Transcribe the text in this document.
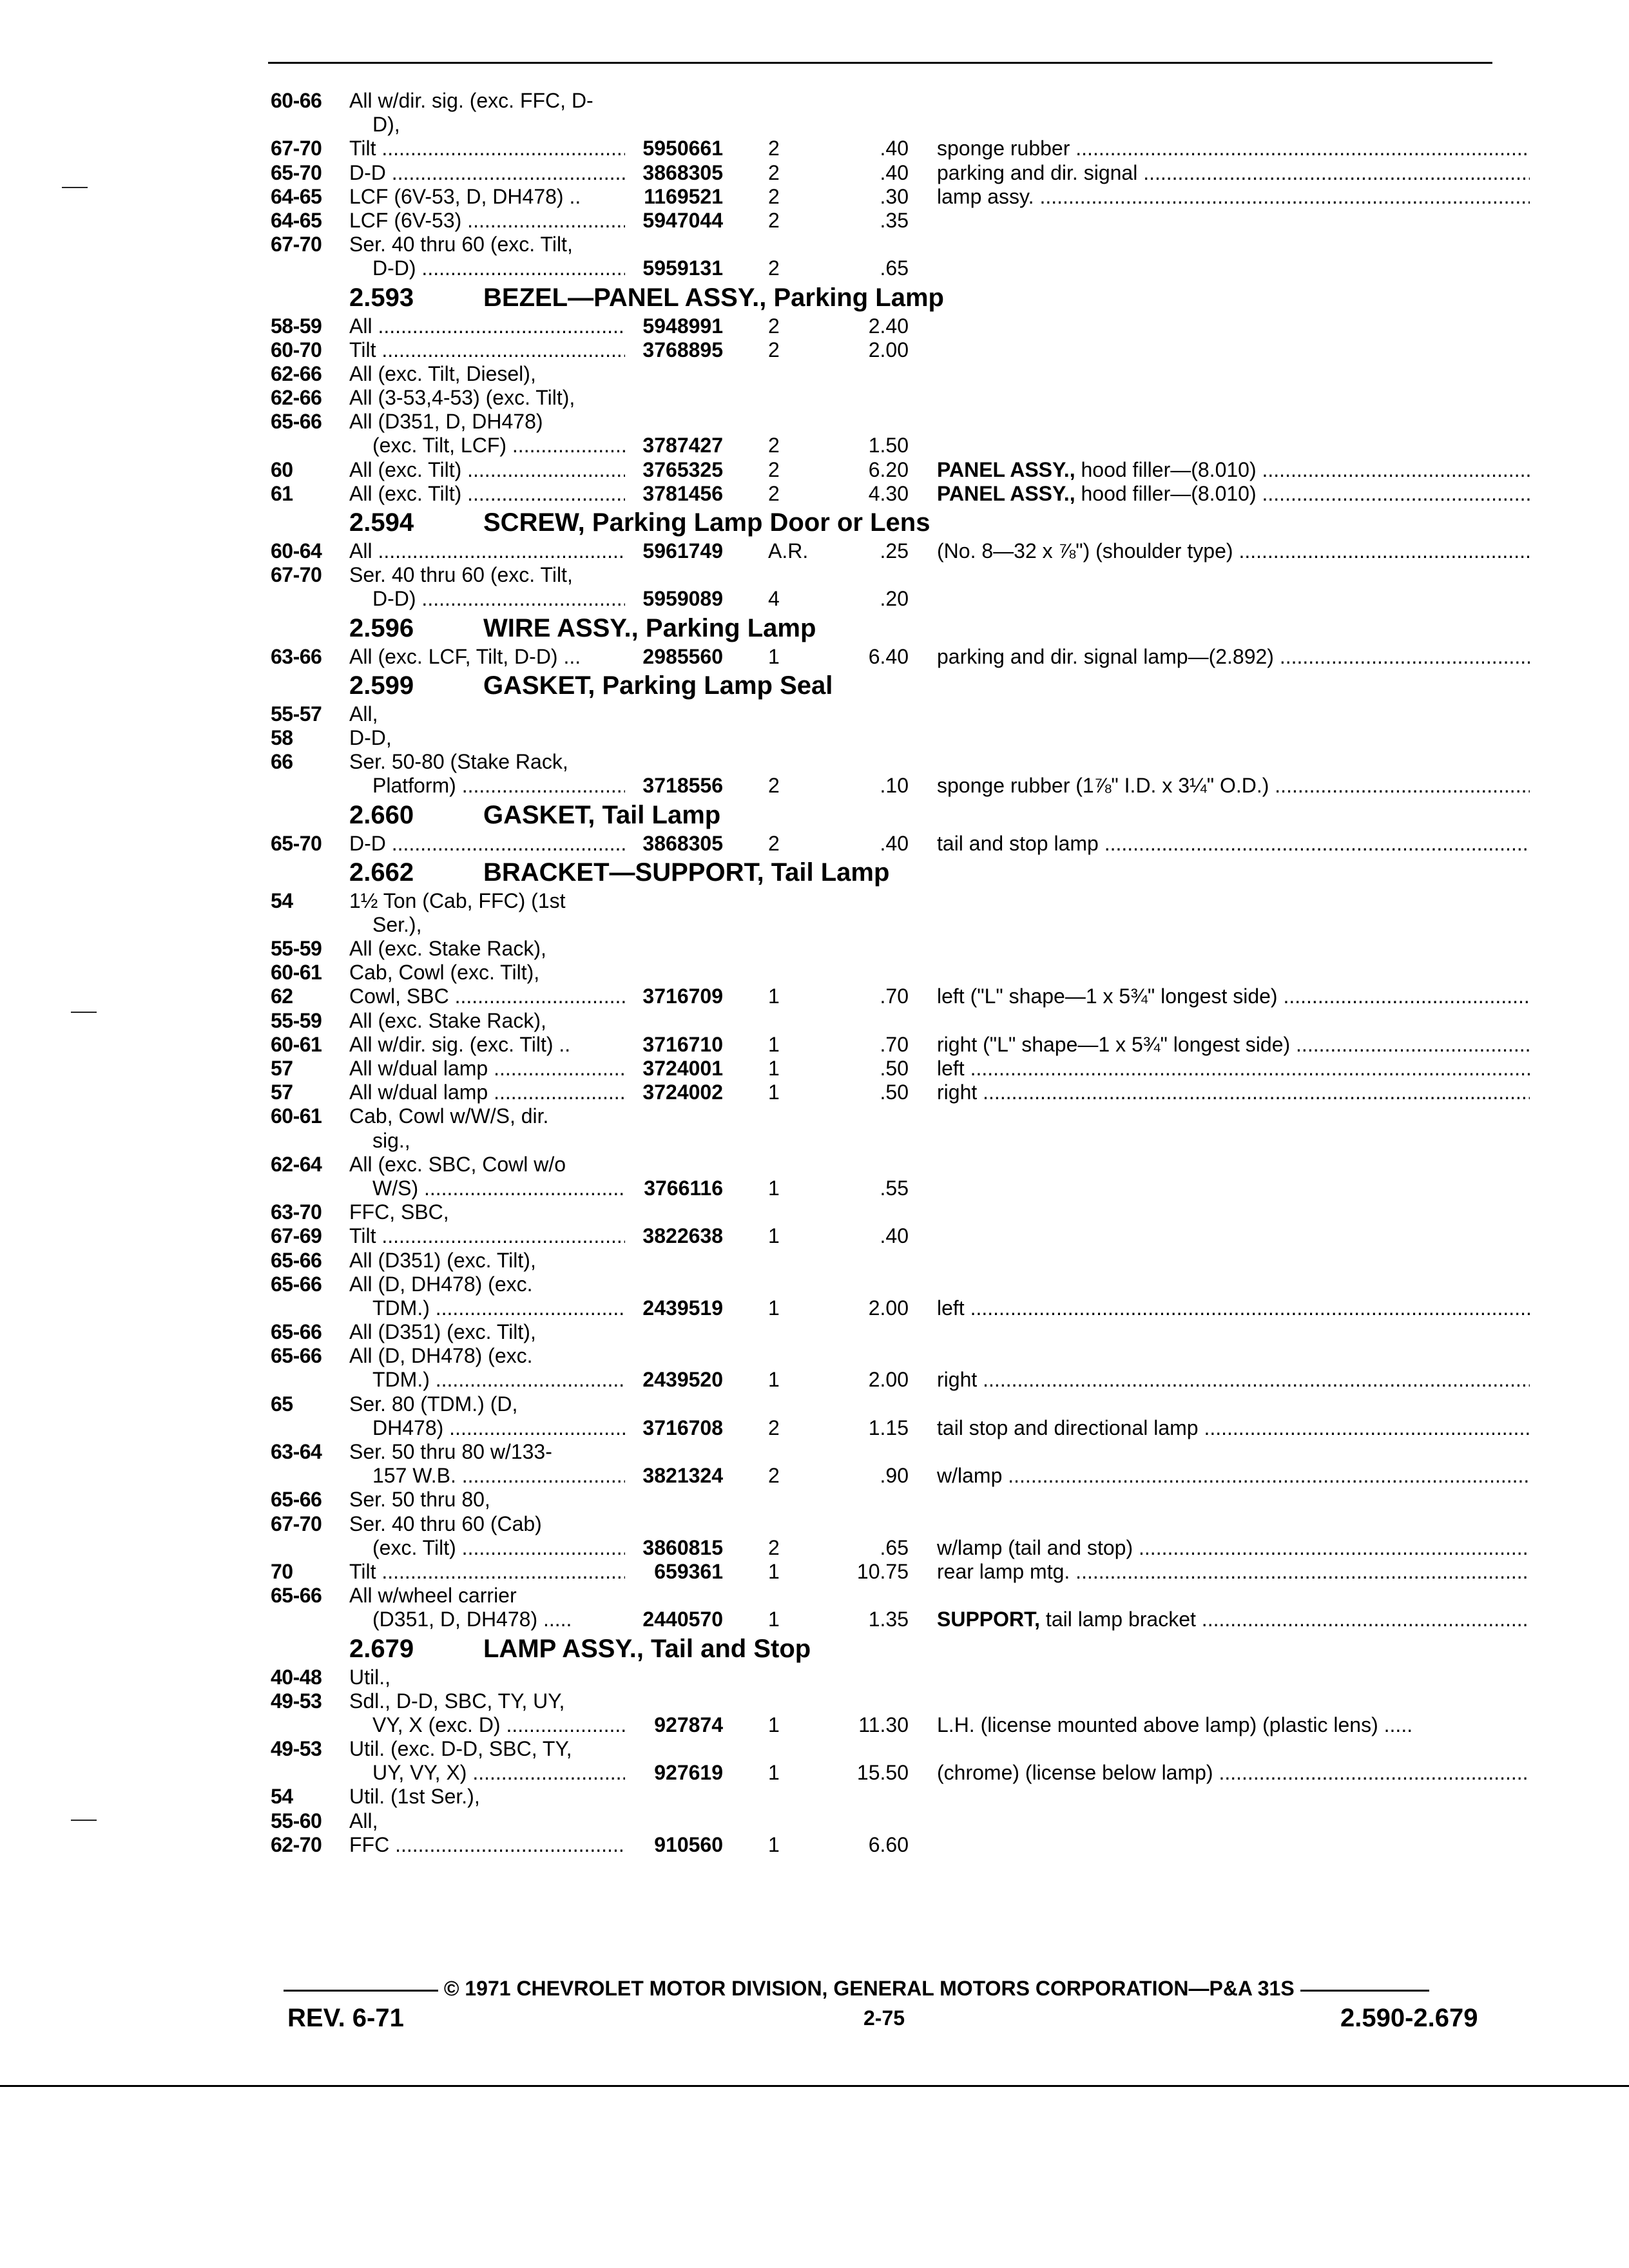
60-66	All w/dir. sig. (exc. FFC, D-
D),
67-70	Tilt .....	5950661 2	.40 sponge rubber .....
65-70	D-D .....	3868305 2	.40 parking and dir. signal .....
64-65	LCF (6V-53, D, DH478) ..	1169521 2	.30 lamp assy. .....
64-65	LCF (6V-53) .....	5947044 2	.35
67-70	Ser. 40 thru 60 (exc. Tilt,
D-D) .....	5959131 2	.65
2.593	BEZEL—PANEL ASSY., Parking Lamp
58-59	All .....	5948991 2	2.40
60-70	Tilt .....	3768895 2	2.00
62-66	All (exc. Tilt, Diesel),
62-66	All (3-53,4-53) (exc. Tilt),
65-66	All (D351, D, DH478)
(exc. Tilt, LCF) .....	3787427 2	1.50
60	All (exc. Tilt) .....	3765325 2	6.20 PANEL ASSY., hood filler—(8.010) .....
61	All (exc. Tilt) .....	3781456 2	4.30 PANEL ASSY., hood filler—(8.010) .....
2.594	SCREW, Parking Lamp Door or Lens
60-64	All .....	5961749 A.R.	.25 (No. 8—32 x ⅞") (shoulder type) .....
67-70	Ser. 40 thru 60 (exc. Tilt,
D-D) .....	5959089 4	.20
2.596	WIRE ASSY., Parking Lamp
63-66	All (exc. LCF, Tilt, D-D) ...	2985560 1	6.40 parking and dir. signal lamp—(2.892) .....
2.599	GASKET, Parking Lamp Seal
55-57	All,
58	D-D,
66	Ser. 50-80 (Stake Rack,
Platform) .....	3718556 2	.10 sponge rubber (1⅞" I.D. x 3¼" O.D.) .....
2.660	GASKET, Tail Lamp
65-70	D-D .....	3868305 2	.40 tail and stop lamp .....
2.662	BRACKET—SUPPORT, Tail Lamp
54	1½ Ton (Cab, FFC) (1st
Ser.),
55-59	All (exc. Stake Rack),
60-61	Cab, Cowl (exc. Tilt),
62	Cowl, SBC .....	3716709 1	.70 left ("L" shape—1 x 5¾" longest side) .....
55-59	All (exc. Stake Rack),
60-61	All w/dir. sig. (exc. Tilt) ..	3716710 1	.70 right ("L" shape—1 x 5¾" longest side) .....
57	All w/dual lamp .....	3724001 1	.50 left .....
57	All w/dual lamp .....	3724002 1	.50 right .....
60-61	Cab, Cowl w/W/S, dir.
sig.,
62-64	All (exc. SBC, Cowl w/o
W/S) .....	3766116 1	.55
63-70	FFC, SBC,
67-69	Tilt .....	3822638 1	.40
65-66	All (D351) (exc. Tilt),
65-66	All (D, DH478) (exc.
TDM.) .....	2439519 1	2.00 left .....
65-66	All (D351) (exc. Tilt),
65-66	All (D, DH478) (exc.
TDM.) .....	2439520 1	2.00 right .....
65	Ser. 80 (TDM.) (D,
DH478) .....	3716708 2	1.15 tail stop and directional lamp .....
63-64	Ser. 50 thru 80 w/133-
157 W.B. .....	3821324 2	.90 w/lamp .....
65-66	Ser. 50 thru 80,
67-70	Ser. 40 thru 60 (Cab)
(exc. Tilt) .....	3860815 2	.65 w/lamp (tail and stop) .....
70	Tilt .....	659361 1	10.75 rear lamp mtg. .....
65-66	All w/wheel carrier
(D351, D, DH478) .....	2440570 1	1.35 SUPPORT, tail lamp bracket .....
2.679	LAMP ASSY., Tail and Stop
40-48	Util.,
49-53	Sdl., D-D, SBC, TY, UY,
VY, X (exc. D) .....	927874 1	11.30 L.H. (license mounted above lamp) (plastic lens) .....
49-53	Util. (exc. D-D, SBC, TY,
UY, VY, X) .....	927619 1	15.50 (chrome) (license below lamp) .....
54	Util. (1st Ser.),
55-60	All,
62-70	FFC .....	910560 1	6.60
© 1971 CHEVROLET MOTOR DIVISION, GENERAL MOTORS CORPORATION—P&A 31S
REV. 6-71	2-75	2.590-2.679
